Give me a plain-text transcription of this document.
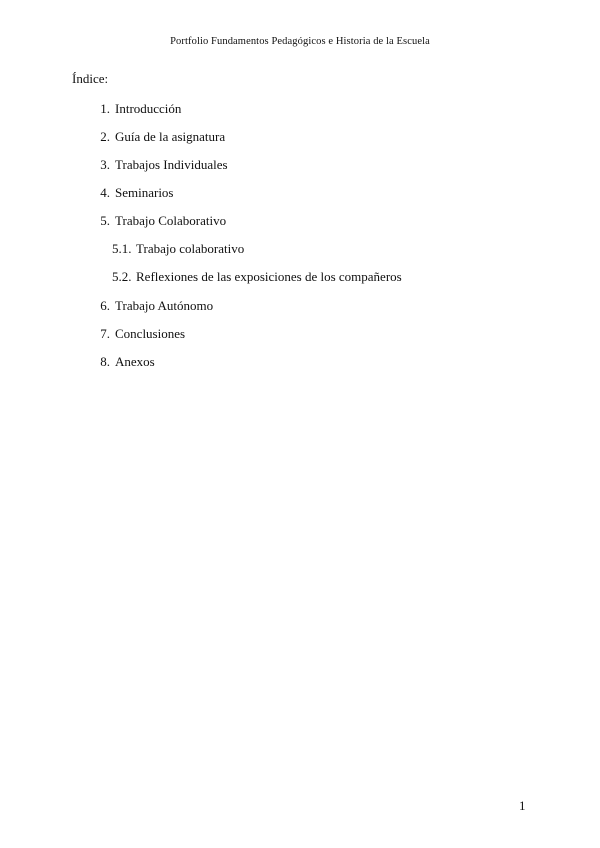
Portfolio Fundamentos Pedagógicos e Historia de la Escuela
Índice:
1. Introducción
2. Guía de la asignatura
3. Trabajos Individuales
4. Seminarios
5. Trabajo Colaborativo
5.1. Trabajo colaborativo
5.2. Reflexiones de las exposiciones de los compañeros
6. Trabajo Autónomo
7. Conclusiones
8. Anexos
1
